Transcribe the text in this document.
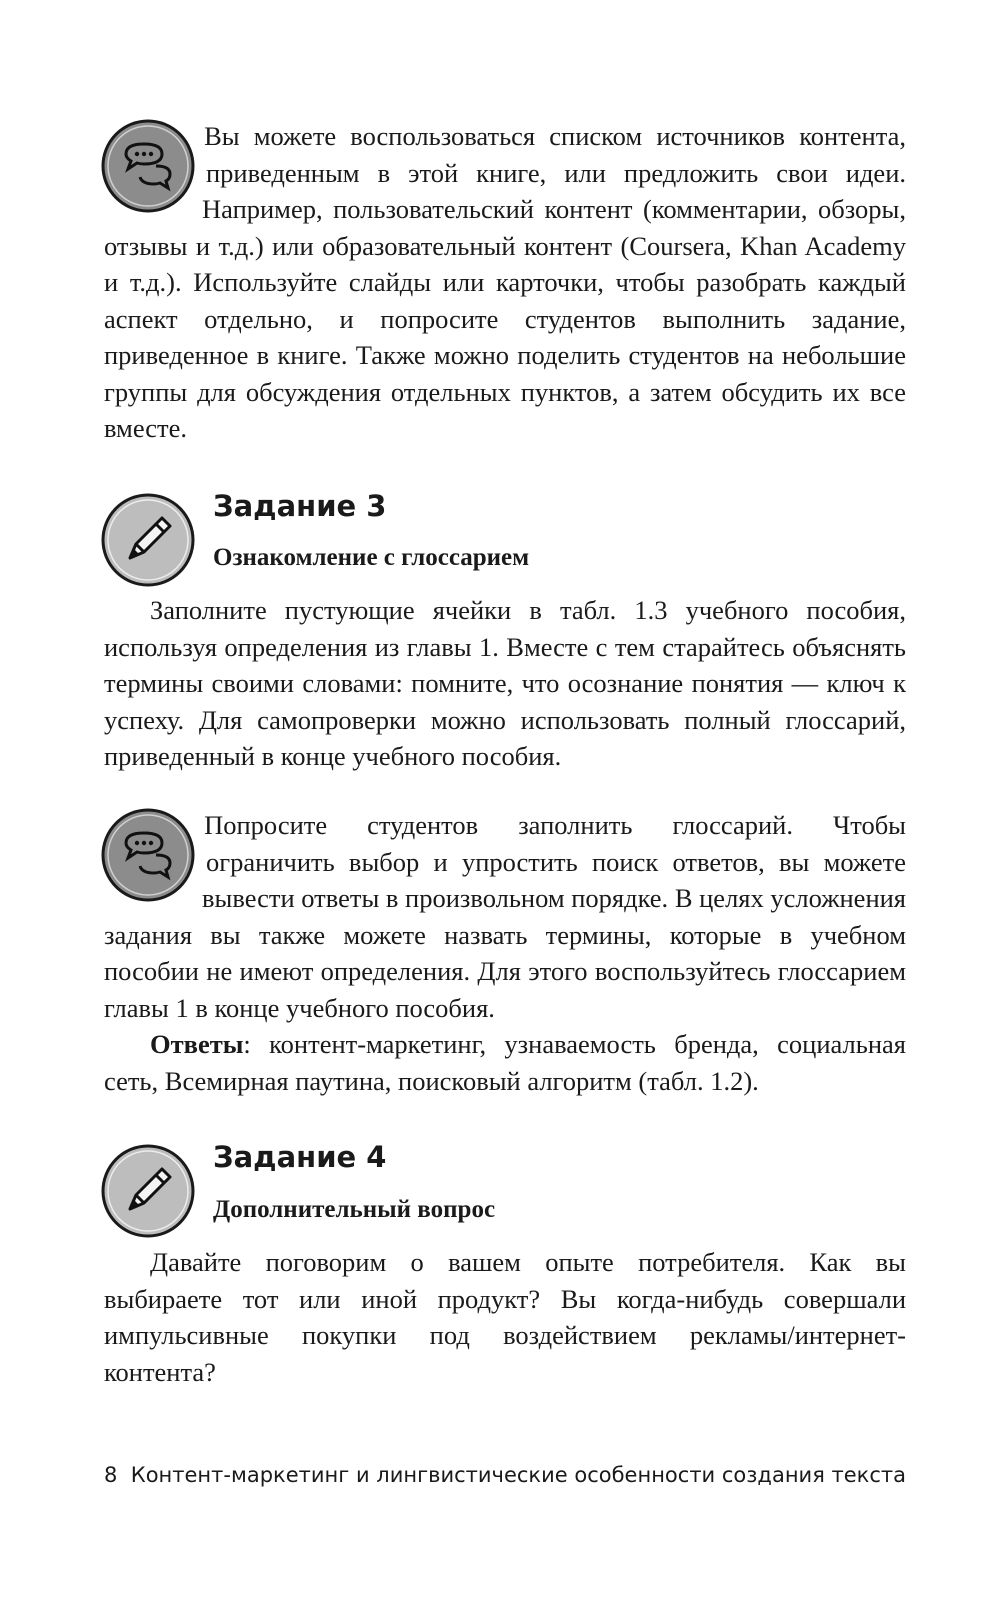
Вы можете воспользоваться списком источников контента, приведенным в этой книге, или предложить свои идеи. Например, пользовательский контент (комментарии, обзоры, отзывы и т.д.) или образовательный контент (Coursera, Khan Academy и т.д.). Используйте слайды или карточки, чтобы разобрать каждый аспект отдельно, и попросите студентов выполнить задание, приведенное в книге. Также можно поделить студентов на небольшие группы для обсуждения отдельных пунктов, а затем обсудить их все вместе.

Задание 3
Ознакомление с глоссарием

Заполните пустующие ячейки в табл. 1.3 учебного пособия, используя определения из главы 1. Вместе с тем старайтесь объяснять термины своими словами: помните, что осознание понятия — ключ к успеху. Для самопроверки можно использовать полный глоссарий, приведенный в конце учебного пособия.

Попросите студентов заполнить глоссарий. Чтобы ограничить выбор и упростить поиск ответов, вы можете вывести ответы в произвольном порядке. В целях усложнения задания вы также можете назвать термины, которые в учебном пособии не имеют определения. Для этого воспользуйтесь глоссарием главы 1 в конце учебного пособия.

Ответы: контент-маркетинг, узнаваемость бренда, социальная сеть, Всемирная паутина, поисковый алгоритм (табл. 1.2).

Задание 4
Дополнительный вопрос

Давайте поговорим о вашем опыте потребителя. Как вы выбираете тот или иной продукт? Вы когда-нибудь совершали импульсивные покупки под воздействием рекламы/интернет-контента?

8 Контент-маркетинг и лингвистические особенности создания текста
